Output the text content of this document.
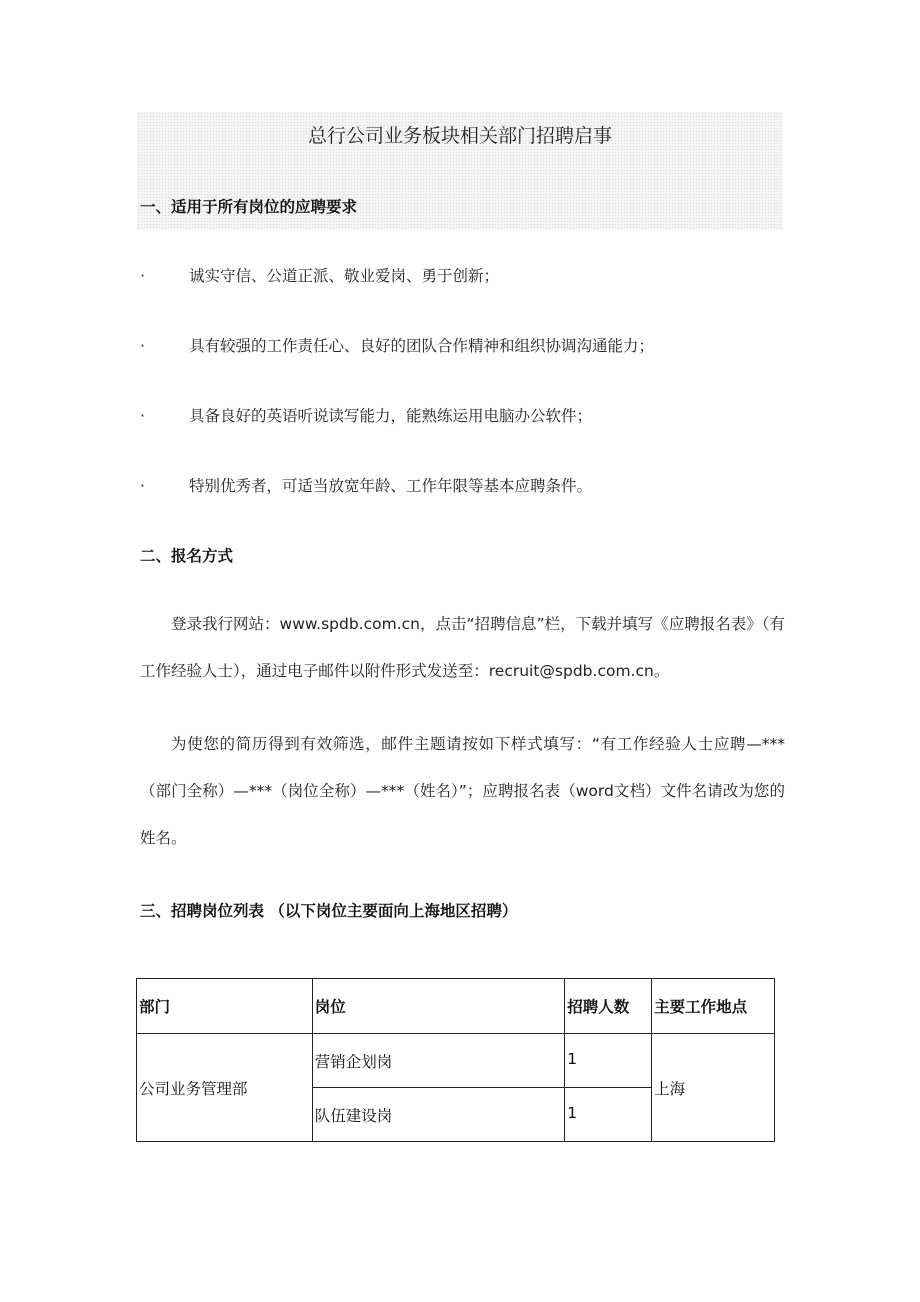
总行公司业务板块相关部门招聘启事
一、适用于所有岗位的应聘要求
·	诚实守信、公道正派、敬业爱岗、勇于创新；
·	具有较强的工作责任心、良好的团队合作精神和组织协调沟通能力；
·	具备良好的英语听说读写能力，能熟练运用电脑办公软件；
·	特别优秀者，可适当放宽年龄、工作年限等基本应聘条件。
二、报名方式
登录我行网站：www.spdb.com.cn，点击“招聘信息”栏，下载并填写《应聘报名表》（有工作经验人士），通过电子邮件以附件形式发送至：recruit@spdb.com.cn。
为使您的简历得到有效筛选，邮件主题请按如下样式填写：“有工作经验人士应聘—***（部门全称）—***（岗位全称）—***（姓名）”；应聘报名表（word文档）文件名请改为您的姓名。
三、招聘岗位列表 （以下岗位主要面向上海地区招聘）
部门	岗位	招聘人数	主要工作地点
公司业务管理部	营销企划岗	1	上海
	队伍建设岗	1	
